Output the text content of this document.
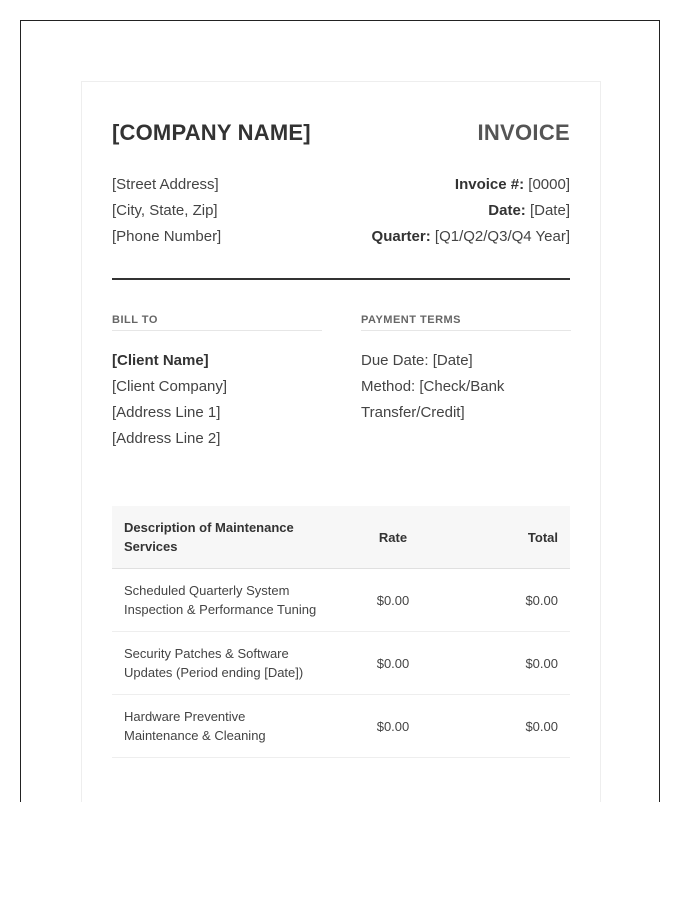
[COMPANY NAME]	INVOICE
[Street Address]
[City, State, Zip]
[Phone Number]
Invoice #: [0000]
Date: [Date]
Quarter: [Q1/Q2/Q3/Q4 Year]
BILL TO	PAYMENT TERMS
[Client Name]
[Client Company]
[Address Line 1]
[Address Line 2]
Due Date: [Date]
Method: [Check/Bank
Transfer/Credit]
Description of Maintenance Services	Rate	Total
Scheduled Quarterly System Inspection & Performance Tuning	$0.00	$0.00
Security Patches & Software Updates (Period ending [Date])	$0.00	$0.00
Hardware Preventive Maintenance & Cleaning	$0.00	$0.00
